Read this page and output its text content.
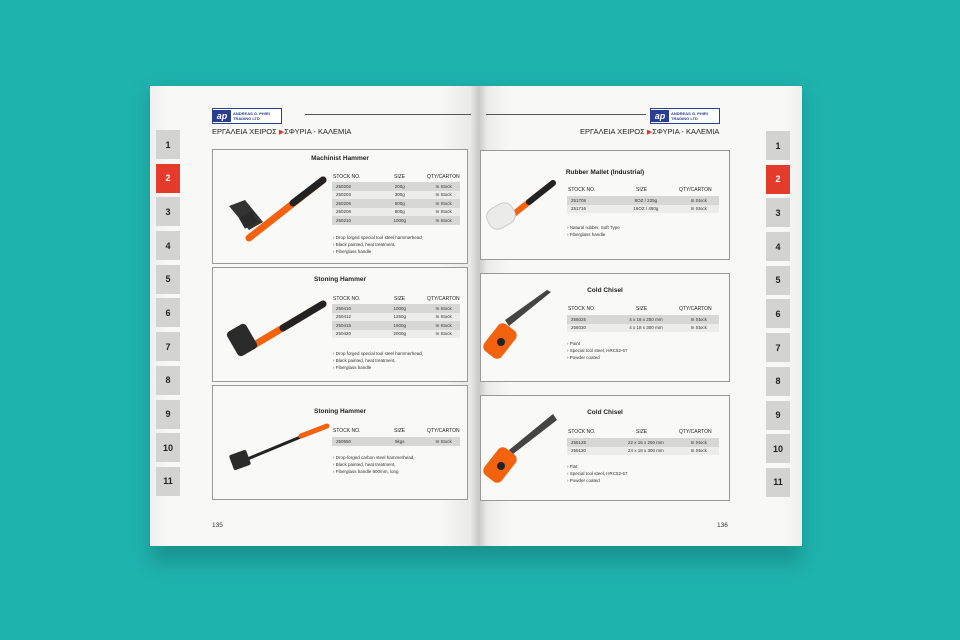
ap	ANDREAS G. PHIRI
TRADING LTD
ΕΡΓΑΛΕΙΑ ΧΕΙΡΟΣ ▶ΣΦΥΡΙΑ - ΚΑΛΕΜΙΑ
ap	ANDREAS G. PHIRI
TRADING LTD
ΕΡΓΑΛΕΙΑ ΧΕΙΡΟΣ ▶ΣΦΥΡΙΑ - ΚΑΛΕΜΙΑ
1
2
3
4
5
6
7
8
9
10
11
1
2
3
4
5
6
7
8
9
10
11
Machinist Hammer
STOCK NO.	SIZE	QTY/CARTON
250202	200g	In Stock
250203	300g	In Stock
250205	500g	In Stock
250208	800g	In Stock
250210	1000g	In Stock
› Drop forged special tool steel hammerhead,
› Black painted, heat treatment,
› Fiberglass handle
Stoning Hammer
STOCK NO.	SIZE	QTY/CARTON
250410	1000g	In Stock
250412	1250g	In Stock
250415	1500g	In Stock
250420	2000g	In Stock
› Drop forged special tool steel hammerhead,
› Black painted, heat treatment,
› Fiberglass handle
Stoning Hammer
STOCK NO.	SIZE	QTY/CARTON
250550	5kgs	In Stock
› Drop-forged carbon steel hammerhead,
› Black painted, heat treatment,
› Fiberglass handle 900mm, long
135
Rubber Mallet (Industrial)
STOCK NO.	SIZE	QTY/CARTON
251708	8OZ / 225g	In Stock
251716	16OZ / 450g	In Stock
› Natural rubber, Soft Type
› Fiberglass handle
Cold Chisel
STOCK NO.	SIZE	QTY/CARTON
255025	4 x 16 x 250 mm	In Stock
255030	4 x 18 x 300 mm	In Stock
› Point
› Special tool steel, HRC52-57
› Powder coated
Cold Chisel
STOCK NO.	SIZE	QTY/CARTON
255125	22 x 16 x 250 mm	In Stock
255130	24 x 18 x 300 mm	In Stock
› Flat
› Special tool steel, HRC52-57
› Powder coated
136
